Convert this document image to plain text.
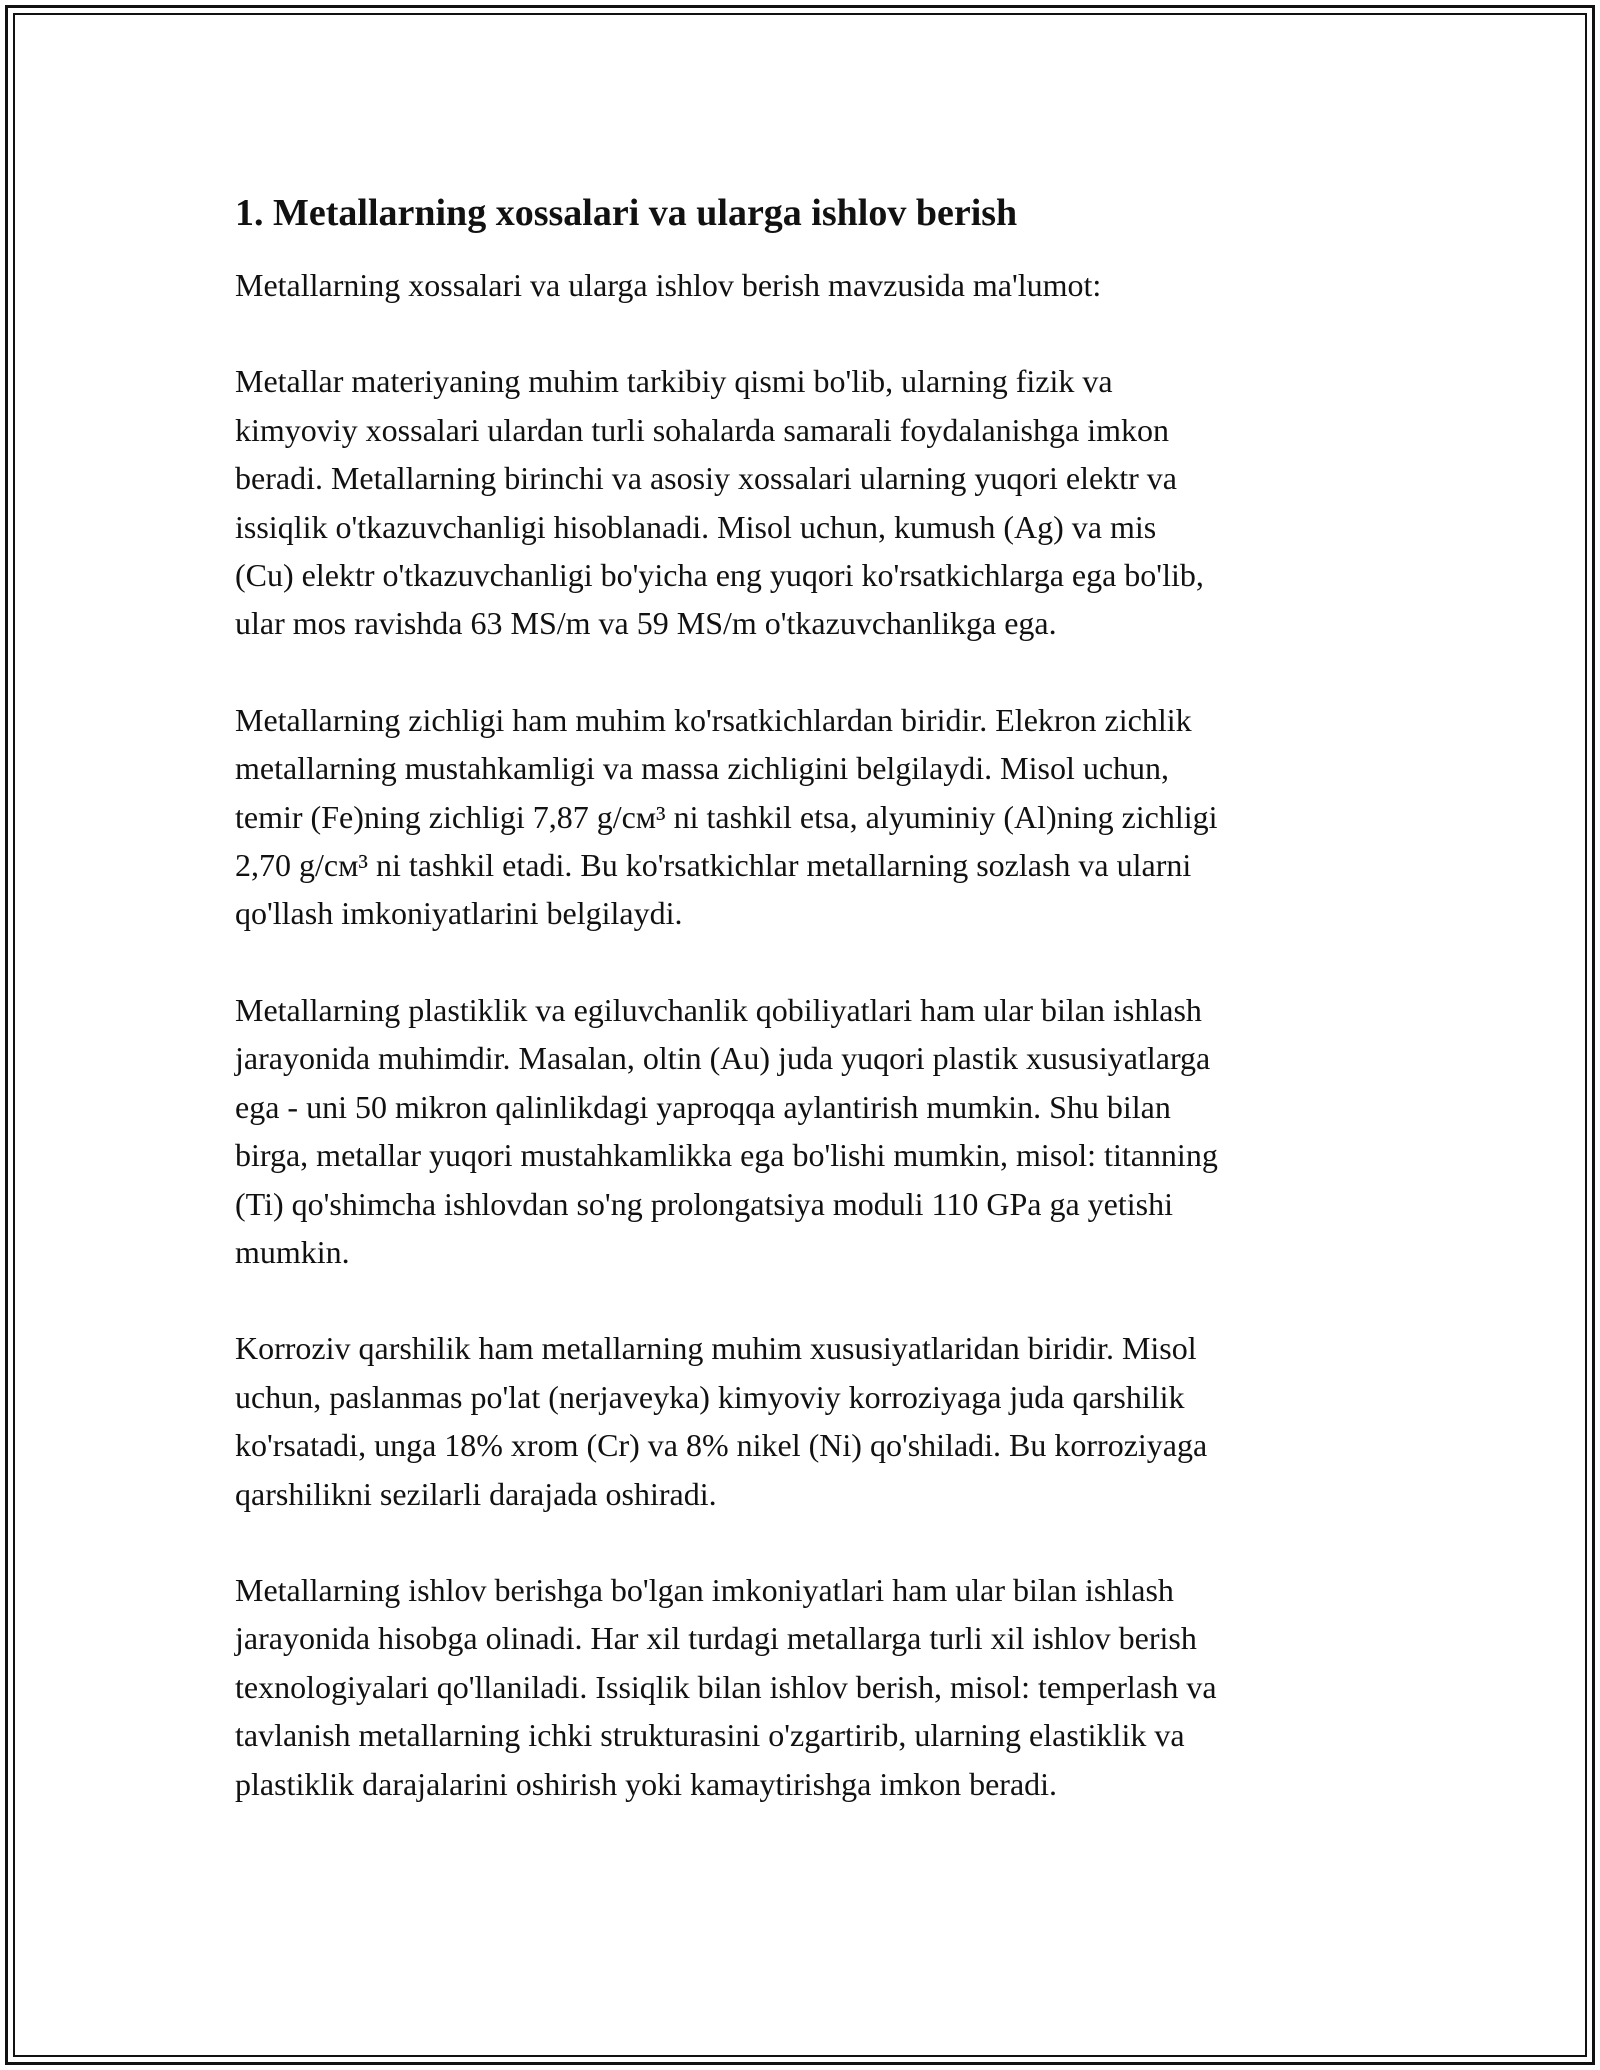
1. Metallarning xossalari va ularga ishlov berish

Metallarning xossalari va ularga ishlov berish mavzusida ma'lumot:

Metallar materiyaning muhim tarkibiy qismi bo'lib, ularning fizik va
kimyoviy xossalari ulardan turli sohalarda samarali foydalanishga imkon
beradi. Metallarning birinchi va asosiy xossalari ularning yuqori elektr va
issiqlik o'tkazuvchanligi hisoblanadi. Misol uchun, kumush (Ag) va mis
(Cu) elektr o'tkazuvchanligi bo'yicha eng yuqori ko'rsatkichlarga ega bo'lib,
ular mos ravishda 63 MS/m va 59 MS/m o'tkazuvchanlikga ega.

Metallarning zichligi ham muhim ko'rsatkichlardan biridir. Elekron zichlik
metallarning mustahkamligi va massa zichligini belgilaydi. Misol uchun,
temir (Fe)ning zichligi 7,87 g/см³ ni tashkil etsa, alyuminiy (Al)ning zichligi
2,70 g/см³ ni tashkil etadi. Bu ko'rsatkichlar metallarning sozlash va ularni
qo'llash imkoniyatlarini belgilaydi.

Metallarning plastiklik va egiluvchanlik qobiliyatlari ham ular bilan ishlash
jarayonida muhimdir. Masalan, oltin (Au) juda yuqori plastik xususiyatlarga
ega - uni 50 mikron qalinlikdagi yaproqqa aylantirish mumkin. Shu bilan
birga, metallar yuqori mustahkamlikka ega bo'lishi mumkin, misol: titanning
(Ti) qo'shimcha ishlovdan so'ng prolongatsiya moduli 110 GPa ga yetishi
mumkin.

Korroziv qarshilik ham metallarning muhim xususiyatlaridan biridir. Misol
uchun, paslanmas po'lat (nerjaveyka) kimyoviy korroziyaga juda qarshilik
ko'rsatadi, unga 18% xrom (Cr) va 8% nikel (Ni) qo'shiladi. Bu korroziyaga
qarshilikni sezilarli darajada oshiradi.

Metallarning ishlov berishga bo'lgan imkoniyatlari ham ular bilan ishlash
jarayonida hisobga olinadi. Har xil turdagi metallarga turli xil ishlov berish
texnologiyalari qo'llaniladi. Issiqlik bilan ishlov berish, misol: temperlash va
tavlanish metallarning ichki strukturasini o'zgartirib, ularning elastiklik va
plastiklik darajalarini oshirish yoki kamaytirishga imkon beradi.
